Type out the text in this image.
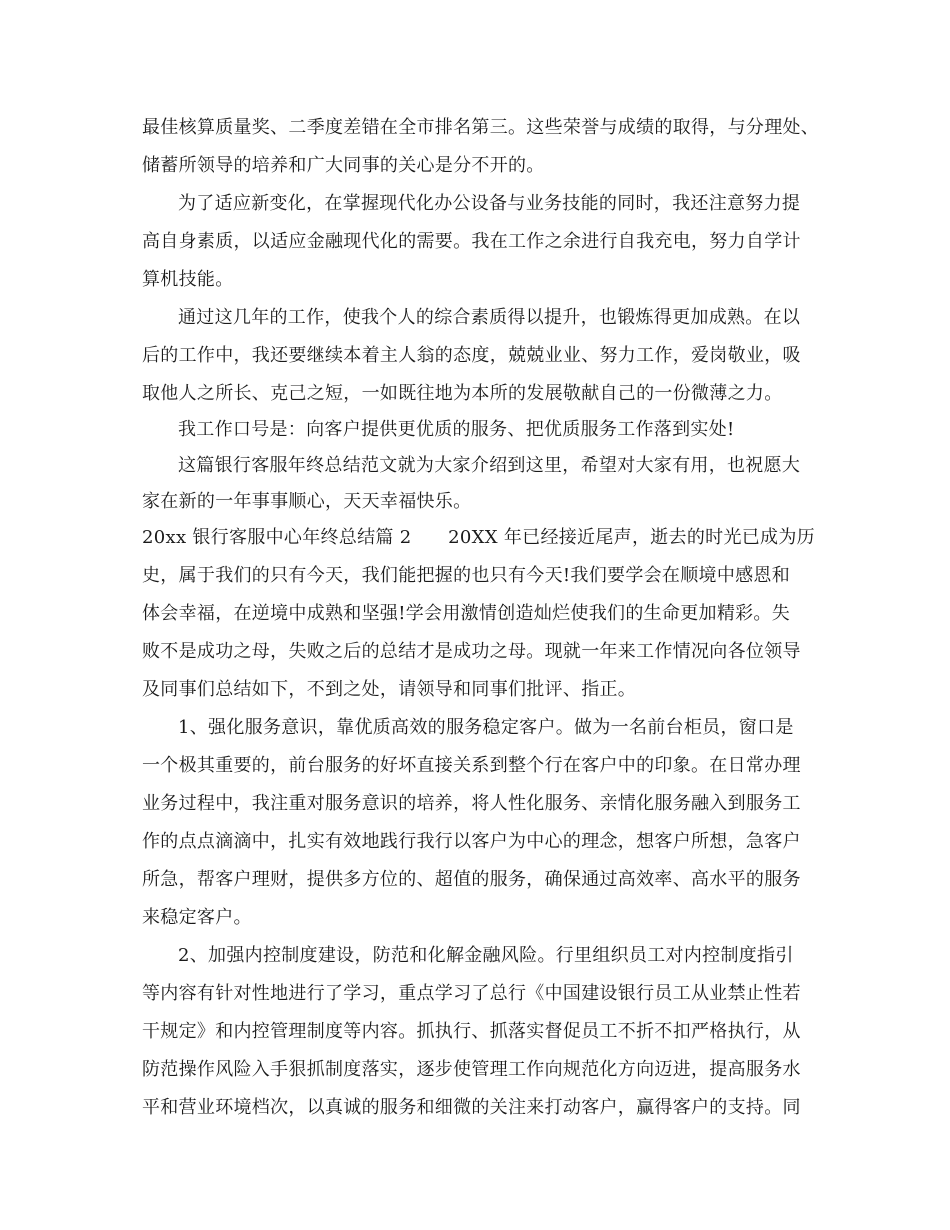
最佳核算质量奖、二季度差错在全市排名第三。这些荣誉与成绩的取得，与分理处、
储蓄所领导的培养和广大同事的关心是分不开的。
为了适应新变化，在掌握现代化办公设备与业务技能的同时，我还注意努力提
高自身素质，以适应金融现代化的需要。我在工作之余进行自我充电，努力自学计
算机技能。
通过这几年的工作，使我个人的综合素质得以提升，也锻炼得更加成熟。在以
后的工作中，我还要继续本着主人翁的态度，兢兢业业、努力工作，爱岗敬业，吸
取他人之所长、克己之短，一如既往地为本所的发展敬献自己的一份微薄之力。
我工作口号是：向客户提供更优质的服务、把优质服务工作落到实处!
这篇银行客服年终总结范文就为大家介绍到这里，希望对大家有用，也祝愿大
家在新的一年事事顺心，天天幸福快乐。
20xx 银行客服中心年终总结篇 2　　20XX 年已经接近尾声，逝去的时光已成为历
史，属于我们的只有今天，我们能把握的也只有今天!我们要学会在顺境中感恩和
体会幸福，在逆境中成熟和坚强!学会用激情创造灿烂使我们的生命更加精彩。失
败不是成功之母，失败之后的总结才是成功之母。现就一年来工作情况向各位领导
及同事们总结如下，不到之处，请领导和同事们批评、指正。
1、强化服务意识，靠优质高效的服务稳定客户。做为一名前台柜员，窗口是
一个极其重要的，前台服务的好坏直接关系到整个行在客户中的印象。在日常办理
业务过程中，我注重对服务意识的培养，将人性化服务、亲情化服务融入到服务工
作的点点滴滴中，扎实有效地践行我行以客户为中心的理念，想客户所想，急客户
所急，帮客户理财，提供多方位的、超值的服务，确保通过高效率、高水平的服务
来稳定客户。
2、加强内控制度建设，防范和化解金融风险。行里组织员工对内控制度指引
等内容有针对性地进行了学习，重点学习了总行《中国建设银行员工从业禁止性若
干规定》和内控管理制度等内容。抓执行、抓落实督促员工不折不扣严格执行，从
防范操作风险入手狠抓制度落实，逐步使管理工作向规范化方向迈进，提高服务水
平和营业环境档次，以真诚的服务和细微的关注来打动客户，赢得客户的支持。同
